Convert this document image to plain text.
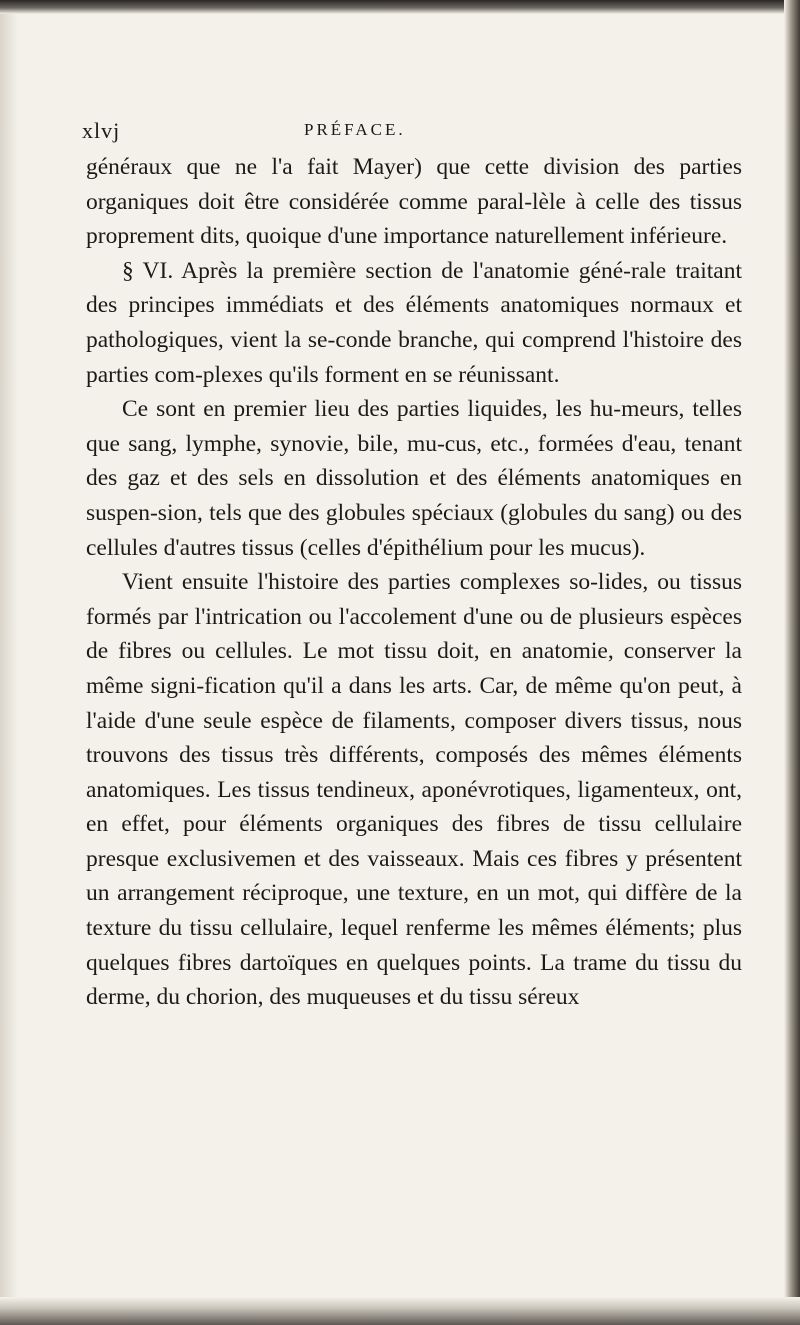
xlvj	PRÉFACE.

généraux que ne l'a fait Mayer) que cette division des parties organiques doit être considérée comme paral-lèle à celle des tissus proprement dits, quoique d'une importance naturellement inférieure.

§ VI. Après la première section de l'anatomie géné-rale traitant des principes immédiats et des éléments anatomiques normaux et pathologiques, vient la se-conde branche, qui comprend l'histoire des parties com-plexes qu'ils forment en se réunissant.

Ce sont en premier lieu des parties liquides, les hu-meurs, telles que sang, lymphe, synovie, bile, mu-cus, etc., formées d'eau, tenant des gaz et des sels en dissolution et des éléments anatomiques en suspen-sion, tels que des globules spéciaux (globules du sang) ou des cellules d'autres tissus (celles d'épithélium pour les mucus).

Vient ensuite l'histoire des parties complexes so-lides, ou tissus formés par l'intrication ou l'accolement d'une ou de plusieurs espèces de fibres ou cellules. Le mot tissu doit, en anatomie, conserver la même signi-fication qu'il a dans les arts. Car, de même qu'on peut, à l'aide d'une seule espèce de filaments, composer divers tissus, nous trouvons des tissus très différents, composés des mêmes éléments anatomiques. Les tissus tendineux, aponévrotiques, ligamenteux, ont, en effet, pour éléments organiques des fibres de tissu cellulaire presque exclusivemen et des vaisseaux. Mais ces fibres y présentent un arrangement réciproque, une texture, en un mot, qui diffère de la texture du tissu cellulaire, lequel renferme les mêmes éléments; plus quelques fibres dartoïques en quelques points. La trame du tissu du derme, du chorion, des muqueuses et du tissu séreux
